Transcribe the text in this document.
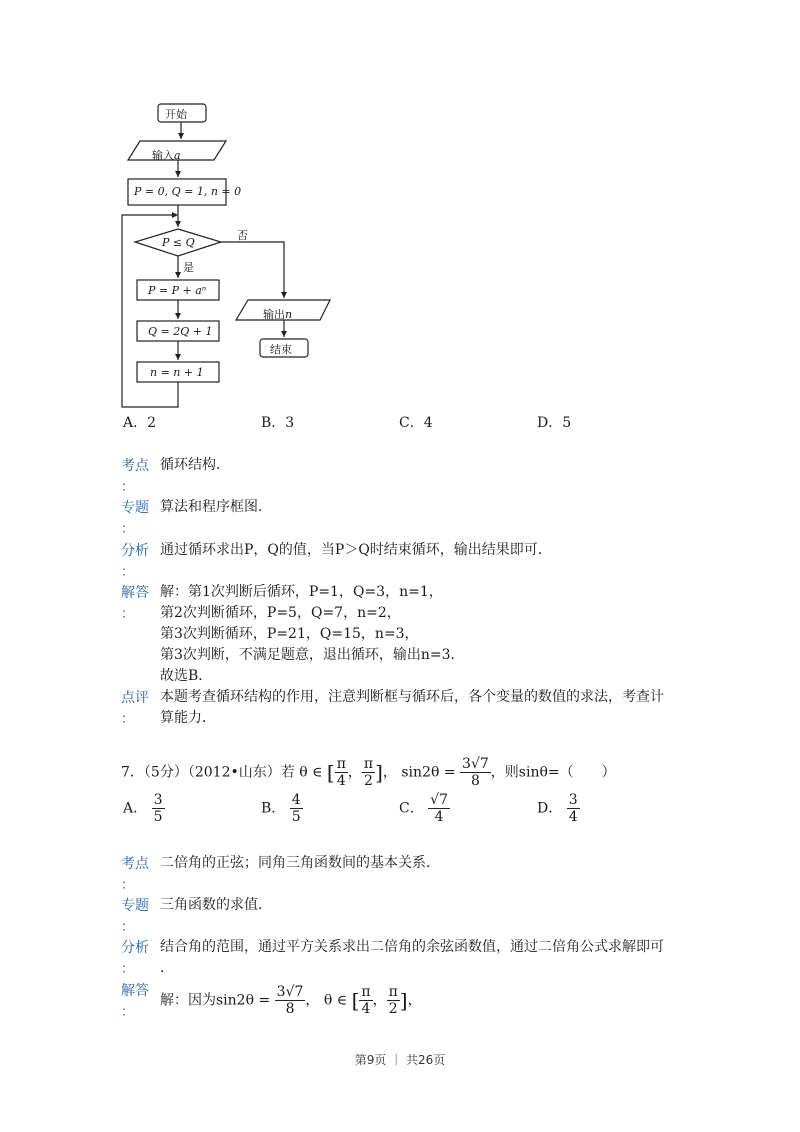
开始
输入a
P = 0, Q = 1, n = 0
P ≤ Q
是
否
P = P + aⁿ
Q = 2Q + 1
n = n + 1
输出n
结束
A．2	B．3	C．4	D．5
考点
：
循环结构．
专题
：
算法和程序框图．
分析
：
通过循环求出P，Q的值，当P＞Q时结束循环，输出结果即可．
解答
：
解：第1次判断后循环，P=1，Q=3，n=1，
第2次判断循环，P=5，Q=7，n=2，
第3次判断循环，P=21，Q=15，n=3，
第3次判断，不满足题意，退出循环，输出n=3．
故选B．
点评
：
本题考查循环结构的作用，注意判断框与循环后，各个变量的数值的求法，考查计
算能力．
7．（5分）（2012•山东）若 θ ∈ [ $\frac{\pi}{4}$ ， $\frac{\pi}{2}$ ]， $\sin 2\theta = \frac{3√7}{8}$ ，则sinθ=（　　）
A． $\frac{3}{5}$	B． $\frac{4}{5}$	C． $\frac{√7}{4}$	D． $\frac{3}{4}$
考点
：
二倍角的正弦；同角三角函数间的基本关系．
专题
：
三角函数的求值．
分析
：
结合角的范围，通过平方关系求出二倍角的余弦函数值，通过二倍角公式求解即可
．
解答
：
解：因为$\sin 2\theta = \frac{3√7}{8}$ ， θ ∈ [ $\frac{\pi}{4}$ ， $\frac{\pi}{2}$ ]，
第9页 ｜ 共26页
